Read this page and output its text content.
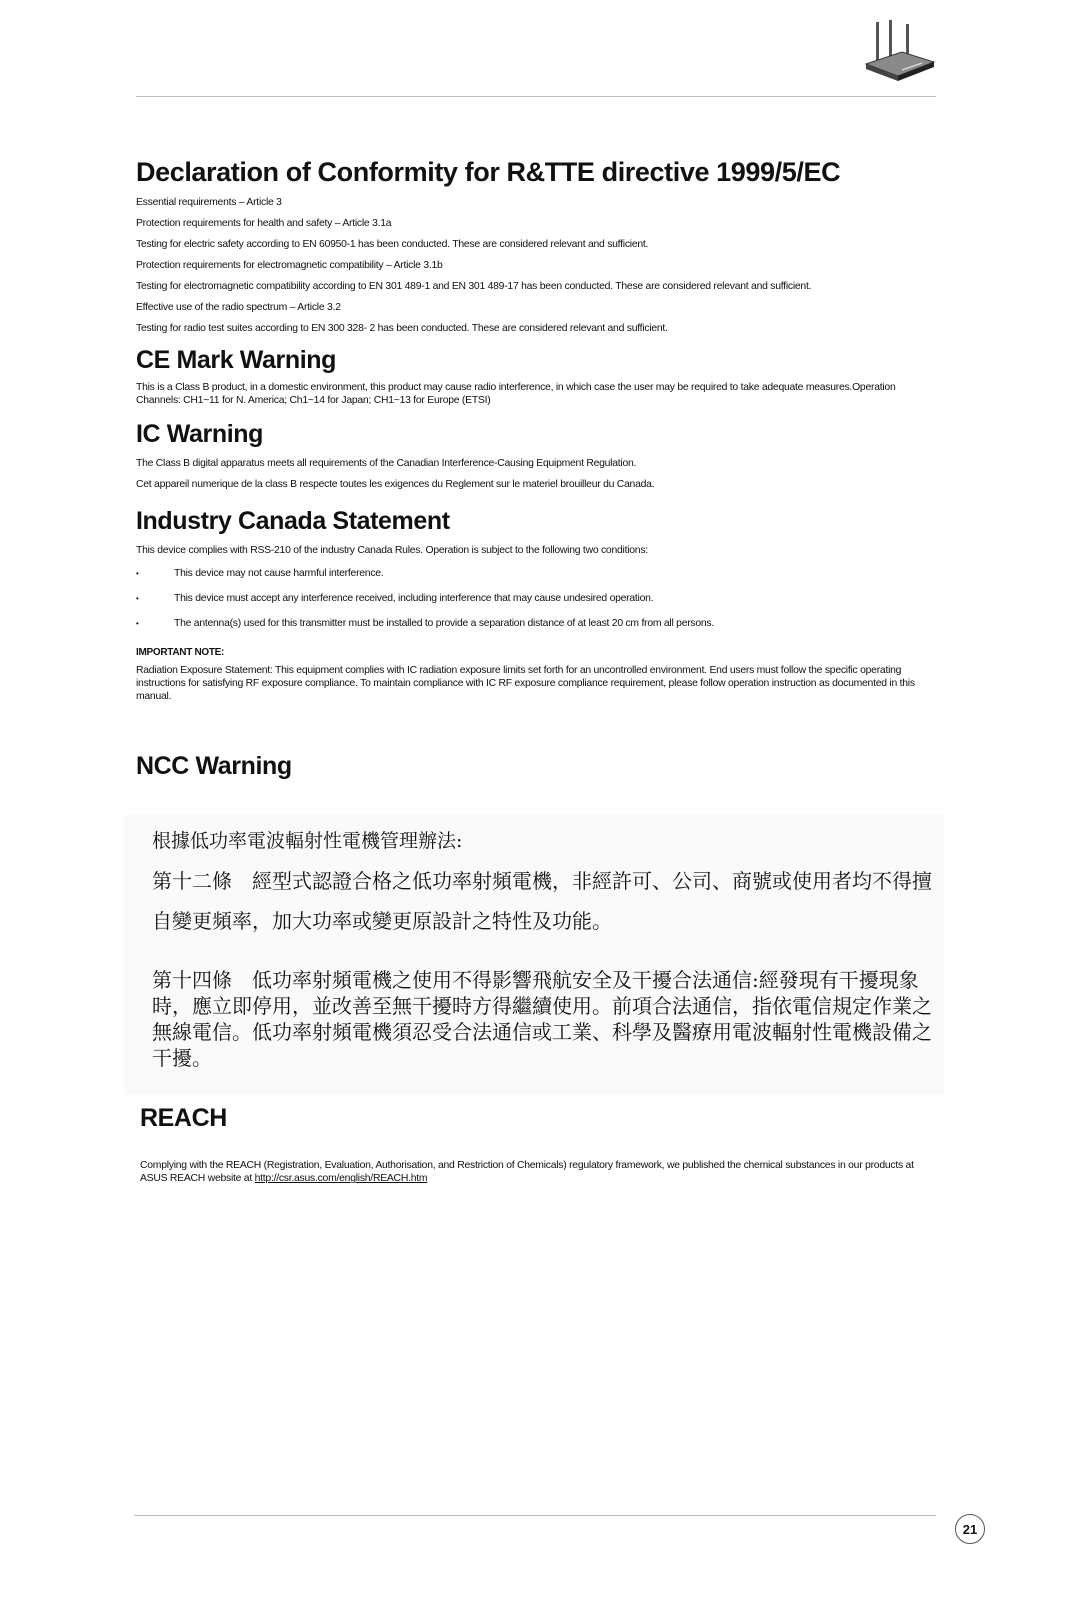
Declaration of Conformity for R&TTE directive 1999/5/EC

Essential requirements – Article 3

Protection requirements for health and safety – Article 3.1a

Testing for electric safety according to EN 60950-1 has been conducted. These are considered relevant and sufficient.

Protection requirements for electromagnetic compatibility – Article 3.1b

Testing for electromagnetic compatibility according to EN 301 489-1 and EN 301 489-17 has been conducted. These are considered relevant and sufficient.

Effective use of the radio spectrum – Article 3.2

Testing for radio test suites according to EN 300 328- 2 has been conducted. These are considered relevant and sufficient.

CE Mark Warning

This is a Class B product, in a domestic environment, this product may cause radio interference, in which case the user may be required to take adequate measures.Operation Channels: CH1~11 for N. America; Ch1~14 for Japan; CH1~13 for Europe (ETSI)

IC Warning

The Class B digital apparatus meets all requirements of the Canadian Interference-Causing Equipment Regulation.

Cet appareil numerique de la class B respecte toutes les exigences du Reglement sur le materiel brouilleur du Canada.

Industry Canada Statement

This device complies with RSS-210 of the industry Canada Rules. Operation is subject to the following two conditions:

• This device may not cause harmful interference.
• This device must accept any interference received, including interference that may cause undesired operation.
• The antenna(s) used for this transmitter must be installed to provide a separation distance of at least 20 cm from all persons.

IMPORTANT NOTE:

Radiation Exposure Statement: This equipment complies with IC radiation exposure limits set forth for an uncontrolled environment. End users must follow the specific operating instructions for satisfying RF exposure compliance. To maintain compliance with IC RF exposure compliance requirement, please follow operation instruction as documented in this manual.

NCC Warning

根據低功率電波輻射性電機管理辦法:

第十二條　經型式認證合格之低功率射頻電機，非經許可、公司、商號或使用者均不得擅自變更頻率，加大功率或變更原設計之特性及功能。

第十四條　低功率射頻電機之使用不得影響飛航安全及干擾合法通信:經發現有干擾現象時，應立即停用，並改善至無干擾時方得繼續使用。前項合法通信，指依電信規定作業之無線電信。低功率射頻電機須忍受合法通信或工業、科學及醫療用電波輻射性電機設備之干擾。

REACH

Complying with the REACH (Registration, Evaluation, Authorisation, and Restriction of Chemicals) regulatory framework, we published the chemical substances in our products at ASUS REACH website at http://csr.asus.com/english/REACH.htm

21
